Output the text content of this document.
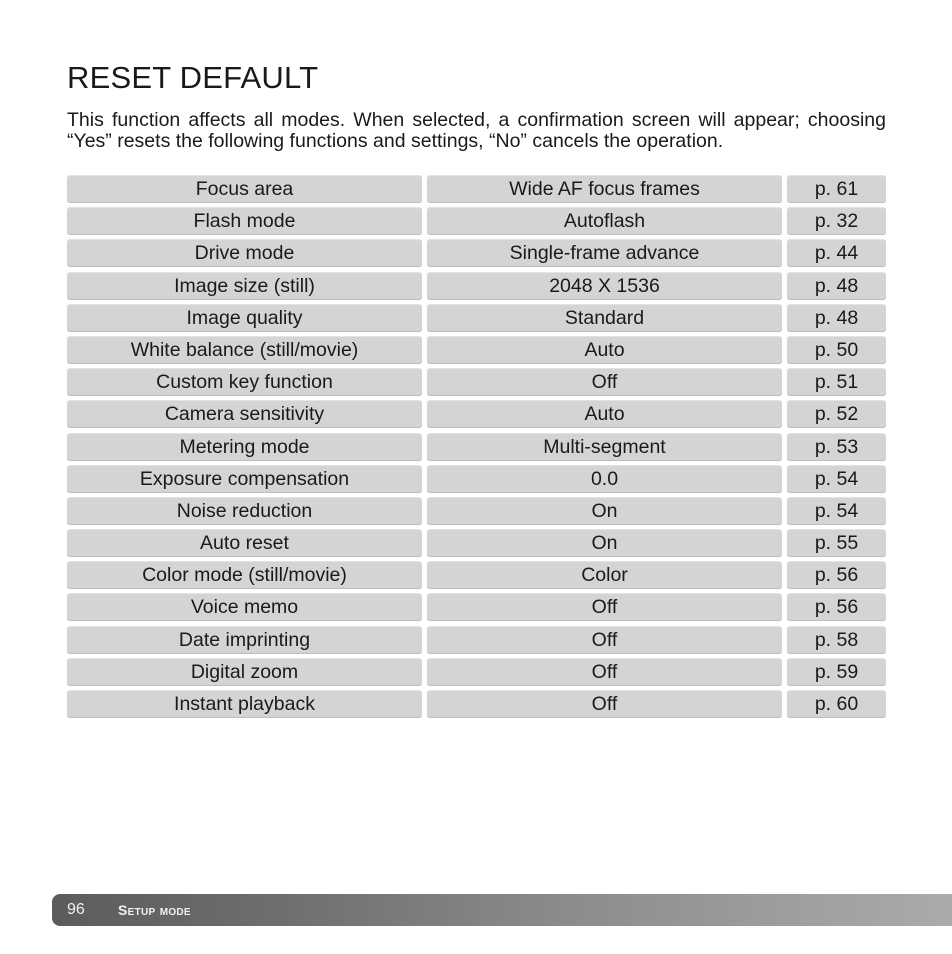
RESET DEFAULT

This function affects all modes. When selected, a confirmation screen will appear; choosing “Yes” resets the following functions and settings, “No” cancels the operation.

Focus area	Wide AF focus frames	p. 61
Flash mode	Autoflash	p. 32
Drive mode	Single-frame advance	p. 44
Image size (still)	2048 X 1536	p. 48
Image quality	Standard	p. 48
White balance (still/movie)	Auto	p. 50
Custom key function	Off	p. 51
Camera sensitivity	Auto	p. 52
Metering mode	Multi-segment	p. 53
Exposure compensation	0.0	p. 54
Noise reduction	On	p. 54
Auto reset	On	p. 55
Color mode (still/movie)	Color	p. 56
Voice memo	Off	p. 56
Date imprinting	Off	p. 58
Digital zoom	Off	p. 59
Instant playback	Off	p. 60
96 Setup mode
